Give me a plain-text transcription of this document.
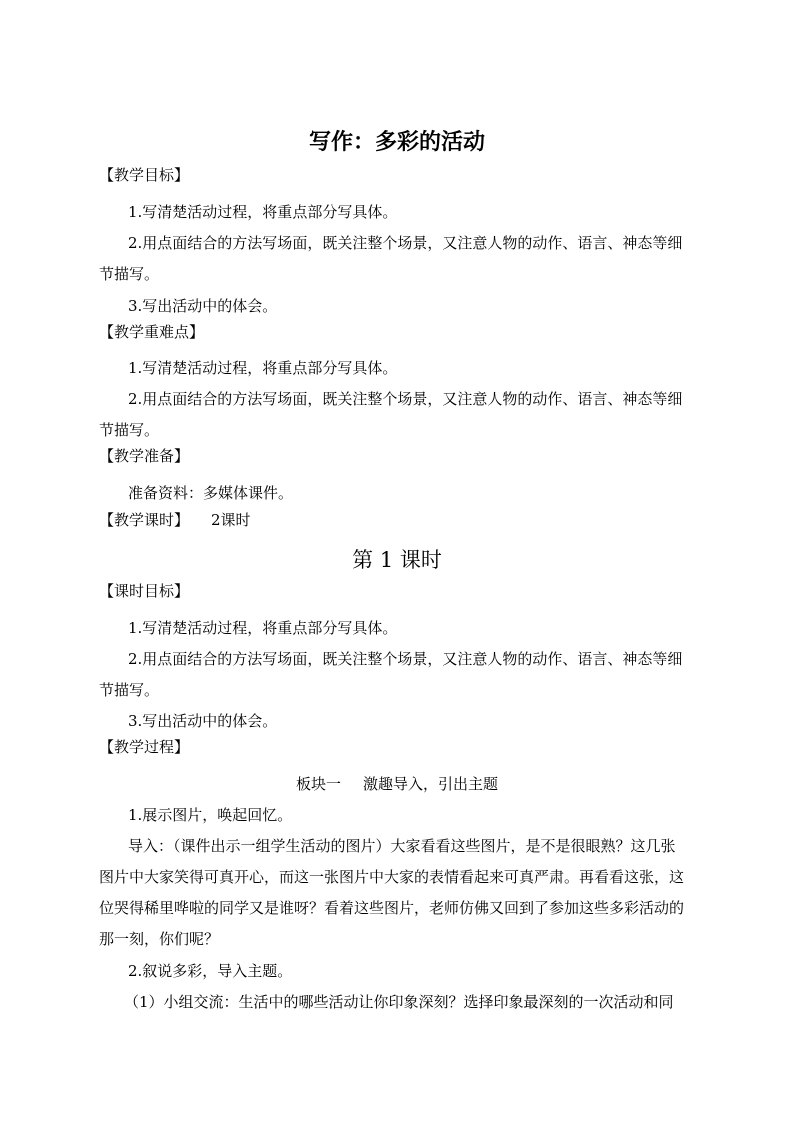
写作：多彩的活动
【教学目标】
1.写清楚活动过程，将重点部分写具体。
2.用点面结合的方法写场面，既关注整个场景，又注意人物的动作、语言、神态等细
节描写。
3.写出活动中的体会。
【教学重难点】
1.写清楚活动过程，将重点部分写具体。
2.用点面结合的方法写场面，既关注整个场景，又注意人物的动作、语言、神态等细
节描写。
【教学准备】
准备资料：多媒体课件。
【教学课时】 2课时
第 1 课时
【课时目标】
1.写清楚活动过程，将重点部分写具体。
2.用点面结合的方法写场面，既关注整个场景，又注意人物的动作、语言、神态等细
节描写。
3.写出活动中的体会。
【教学过程】
板块一 激趣导入，引出主题
1.展示图片，唤起回忆。
导入：（课件出示一组学生活动的图片）大家看看这些图片，是不是很眼熟？这几张
图片中大家笑得可真开心，而这一张图片中大家的表情看起来可真严肃。再看看这张，这
位哭得稀里哗啦的同学又是谁呀？看着这些图片，老师仿佛又回到了参加这些多彩活动的
那一刻，你们呢？
2.叙说多彩，导入主题。
（1）小组交流：生活中的哪些活动让你印象深刻？选择印象最深刻的一次活动和同
